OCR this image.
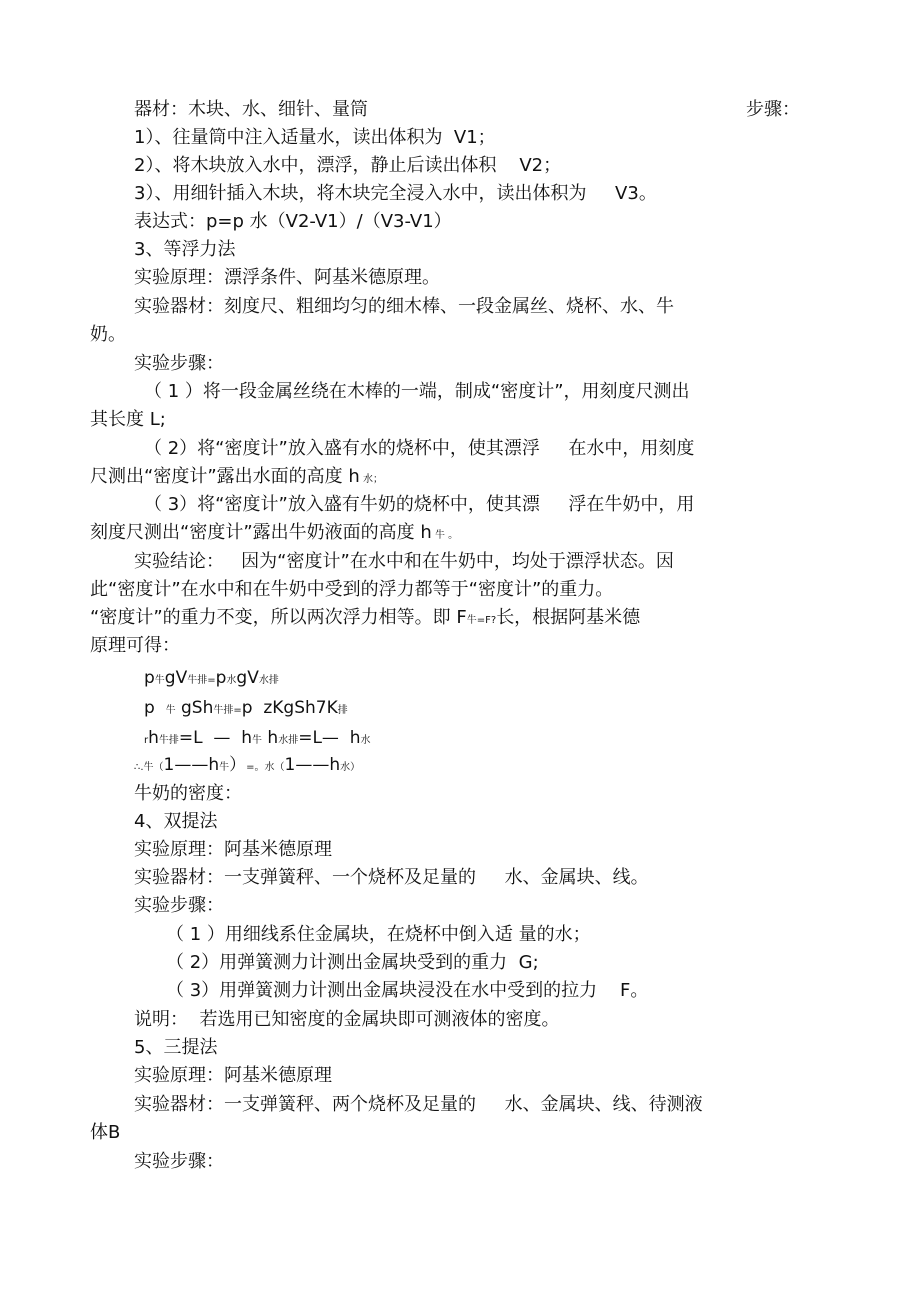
器材：木块、水、细针、量筒	步骤：
1）、往量筒中注入适量水，读出体积为  V1；
2）、将木块放入水中，漂浮，静止后读出体积    V2；
3）、用细针插入木块，将木块完全浸入水中，读出体积为     V3。
表达式：p=p 水（V2-V1）/（V3-V1）
3、等浮力法
实验原理：漂浮条件、阿基米德原理。
实验器材：刻度尺、粗细均匀的细木棒、一段金属丝、烧杯、水、牛
奶。
实验步骤：
（ 1 ）将一段金属丝绕在木棒的一端，制成“密度计”，用刻度尺测出
其长度 L;
（ 2）将“密度计”放入盛有水的烧杯中，使其漂浮     在水中，用刻度
尺测出“密度计”露出水面的高度 h 水；
（ 3）将“密度计”放入盛有牛奶的烧杯中，使其漂     浮在牛奶中，用
刻度尺测出“密度计”露出牛奶液面的高度 h 牛 。
实验结论：   因为“密度计”在水中和在牛奶中，均处于漂浮状态。因
此“密度计”在水中和在牛奶中受到的浮力都等于“密度计”的重力。
“密度计”的重力不变，所以两次浮力相等。即 F牛=F?长，根据阿基米德
原理可得：
p牛gV牛排=p水gV水排
p  牛 gSh牛排=p  zKgSh7K排
rh牛排=L  —  h牛 h水排=L—  h水
∴.牛（1——h牛）=。水（1——h水）
牛奶的密度：
4、双提法
实验原理：阿基米德原理
实验器材：一支弹簧秤、一个烧杯及足量的     水、金属块、线。
实验步骤：
（ 1 ）用细线系住金属块，在烧杯中倒入适 量的水；
（ 2）用弹簧测力计测出金属块受到的重力  G;
（ 3）用弹簧测力计测出金属块浸没在水中受到的拉力    F。
说明：  若选用已知密度的金属块即可测液体的密度。
5、三提法
实验原理：阿基米德原理
实验器材：一支弹簧秤、两个烧杯及足量的     水、金属块、线、待测液
体B
实验步骤：
